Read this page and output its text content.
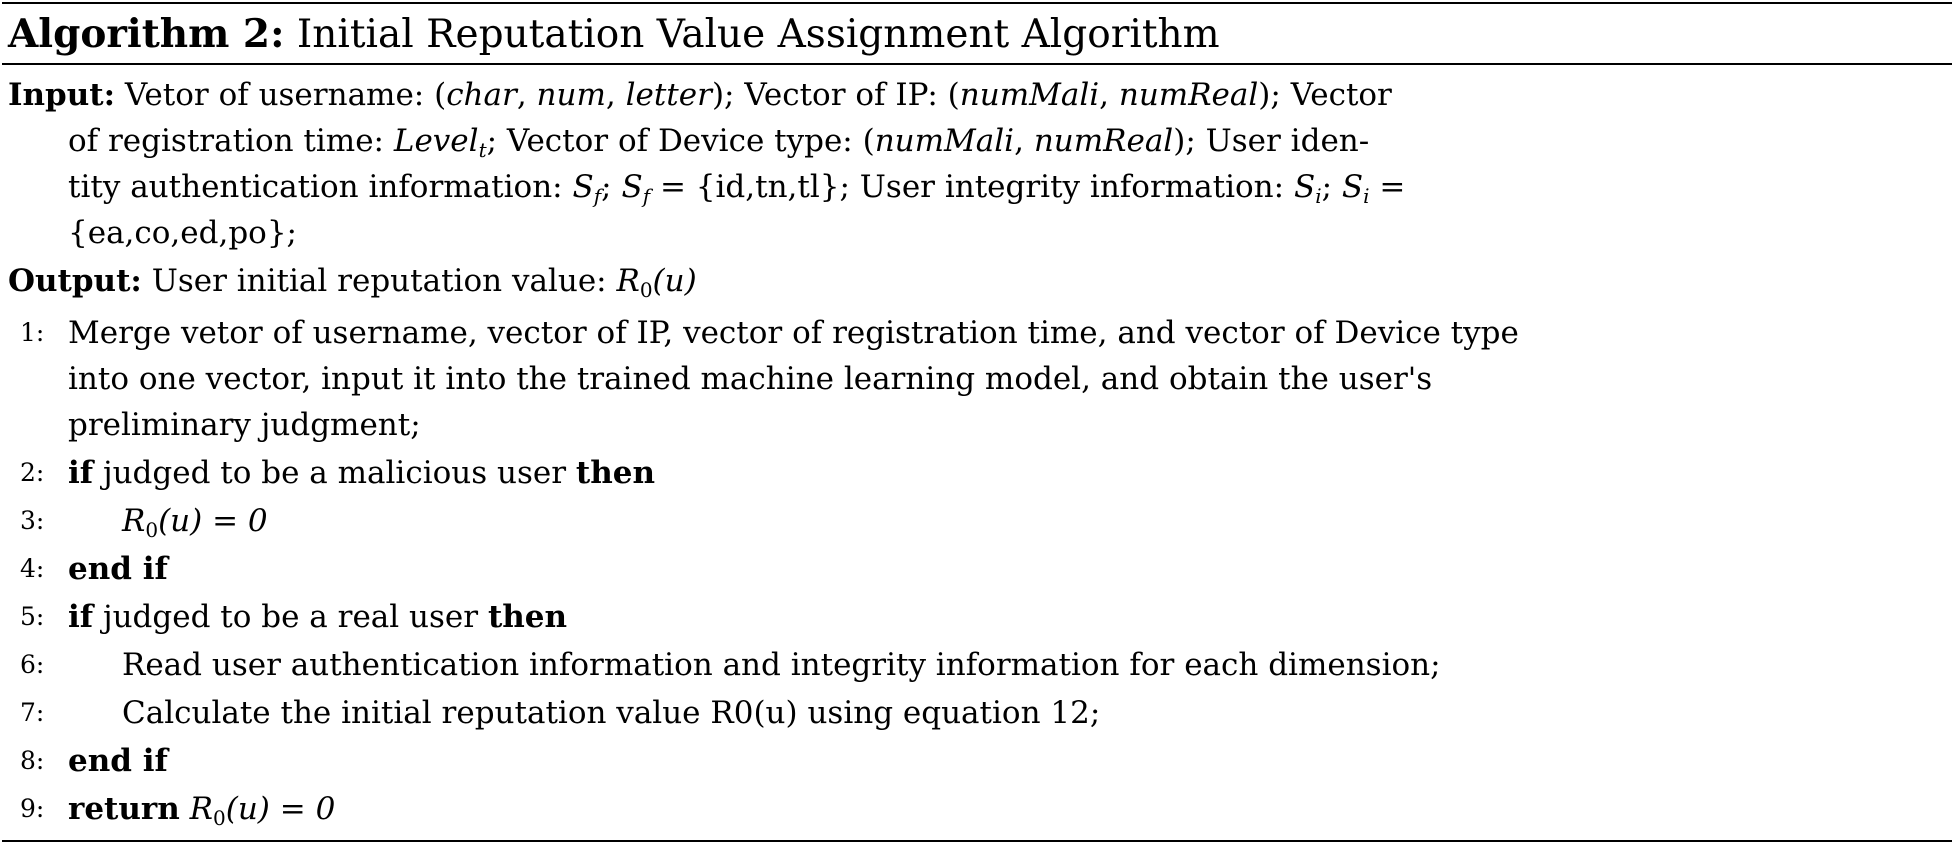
Algorithm 2: Initial Reputation Value Assignment Algorithm
Input: Vetor of username: (char, num, letter); Vector of IP: (numMali, numReal); Vector
of registration time: Level$_t$; Vector of Device type: (numMali, numReal); User iden-
tity authentication information: $S_f$; $S_f = \{id,tn,tl\}$; User integrity information: $S_i$; $S_i$ =
{ea,co,ed,po};
Output: User initial reputation value: $R_0(u)$
1: Merge vetor of username, vector of IP, vector of registration time, and vector of Device type
into one vector, input it into the trained machine learning model, and obtain the user's
preliminary judgment;
2: if judged to be a malicious user then
3:	$R_0(u) = 0$
4: end if
5: if judged to be a real user then
6:	Read user authentication information and integrity information for each dimension;
7:	Calculate the initial reputation value R0(u) using equation 12;
8: end if
9: return $R_0(u) = 0$
